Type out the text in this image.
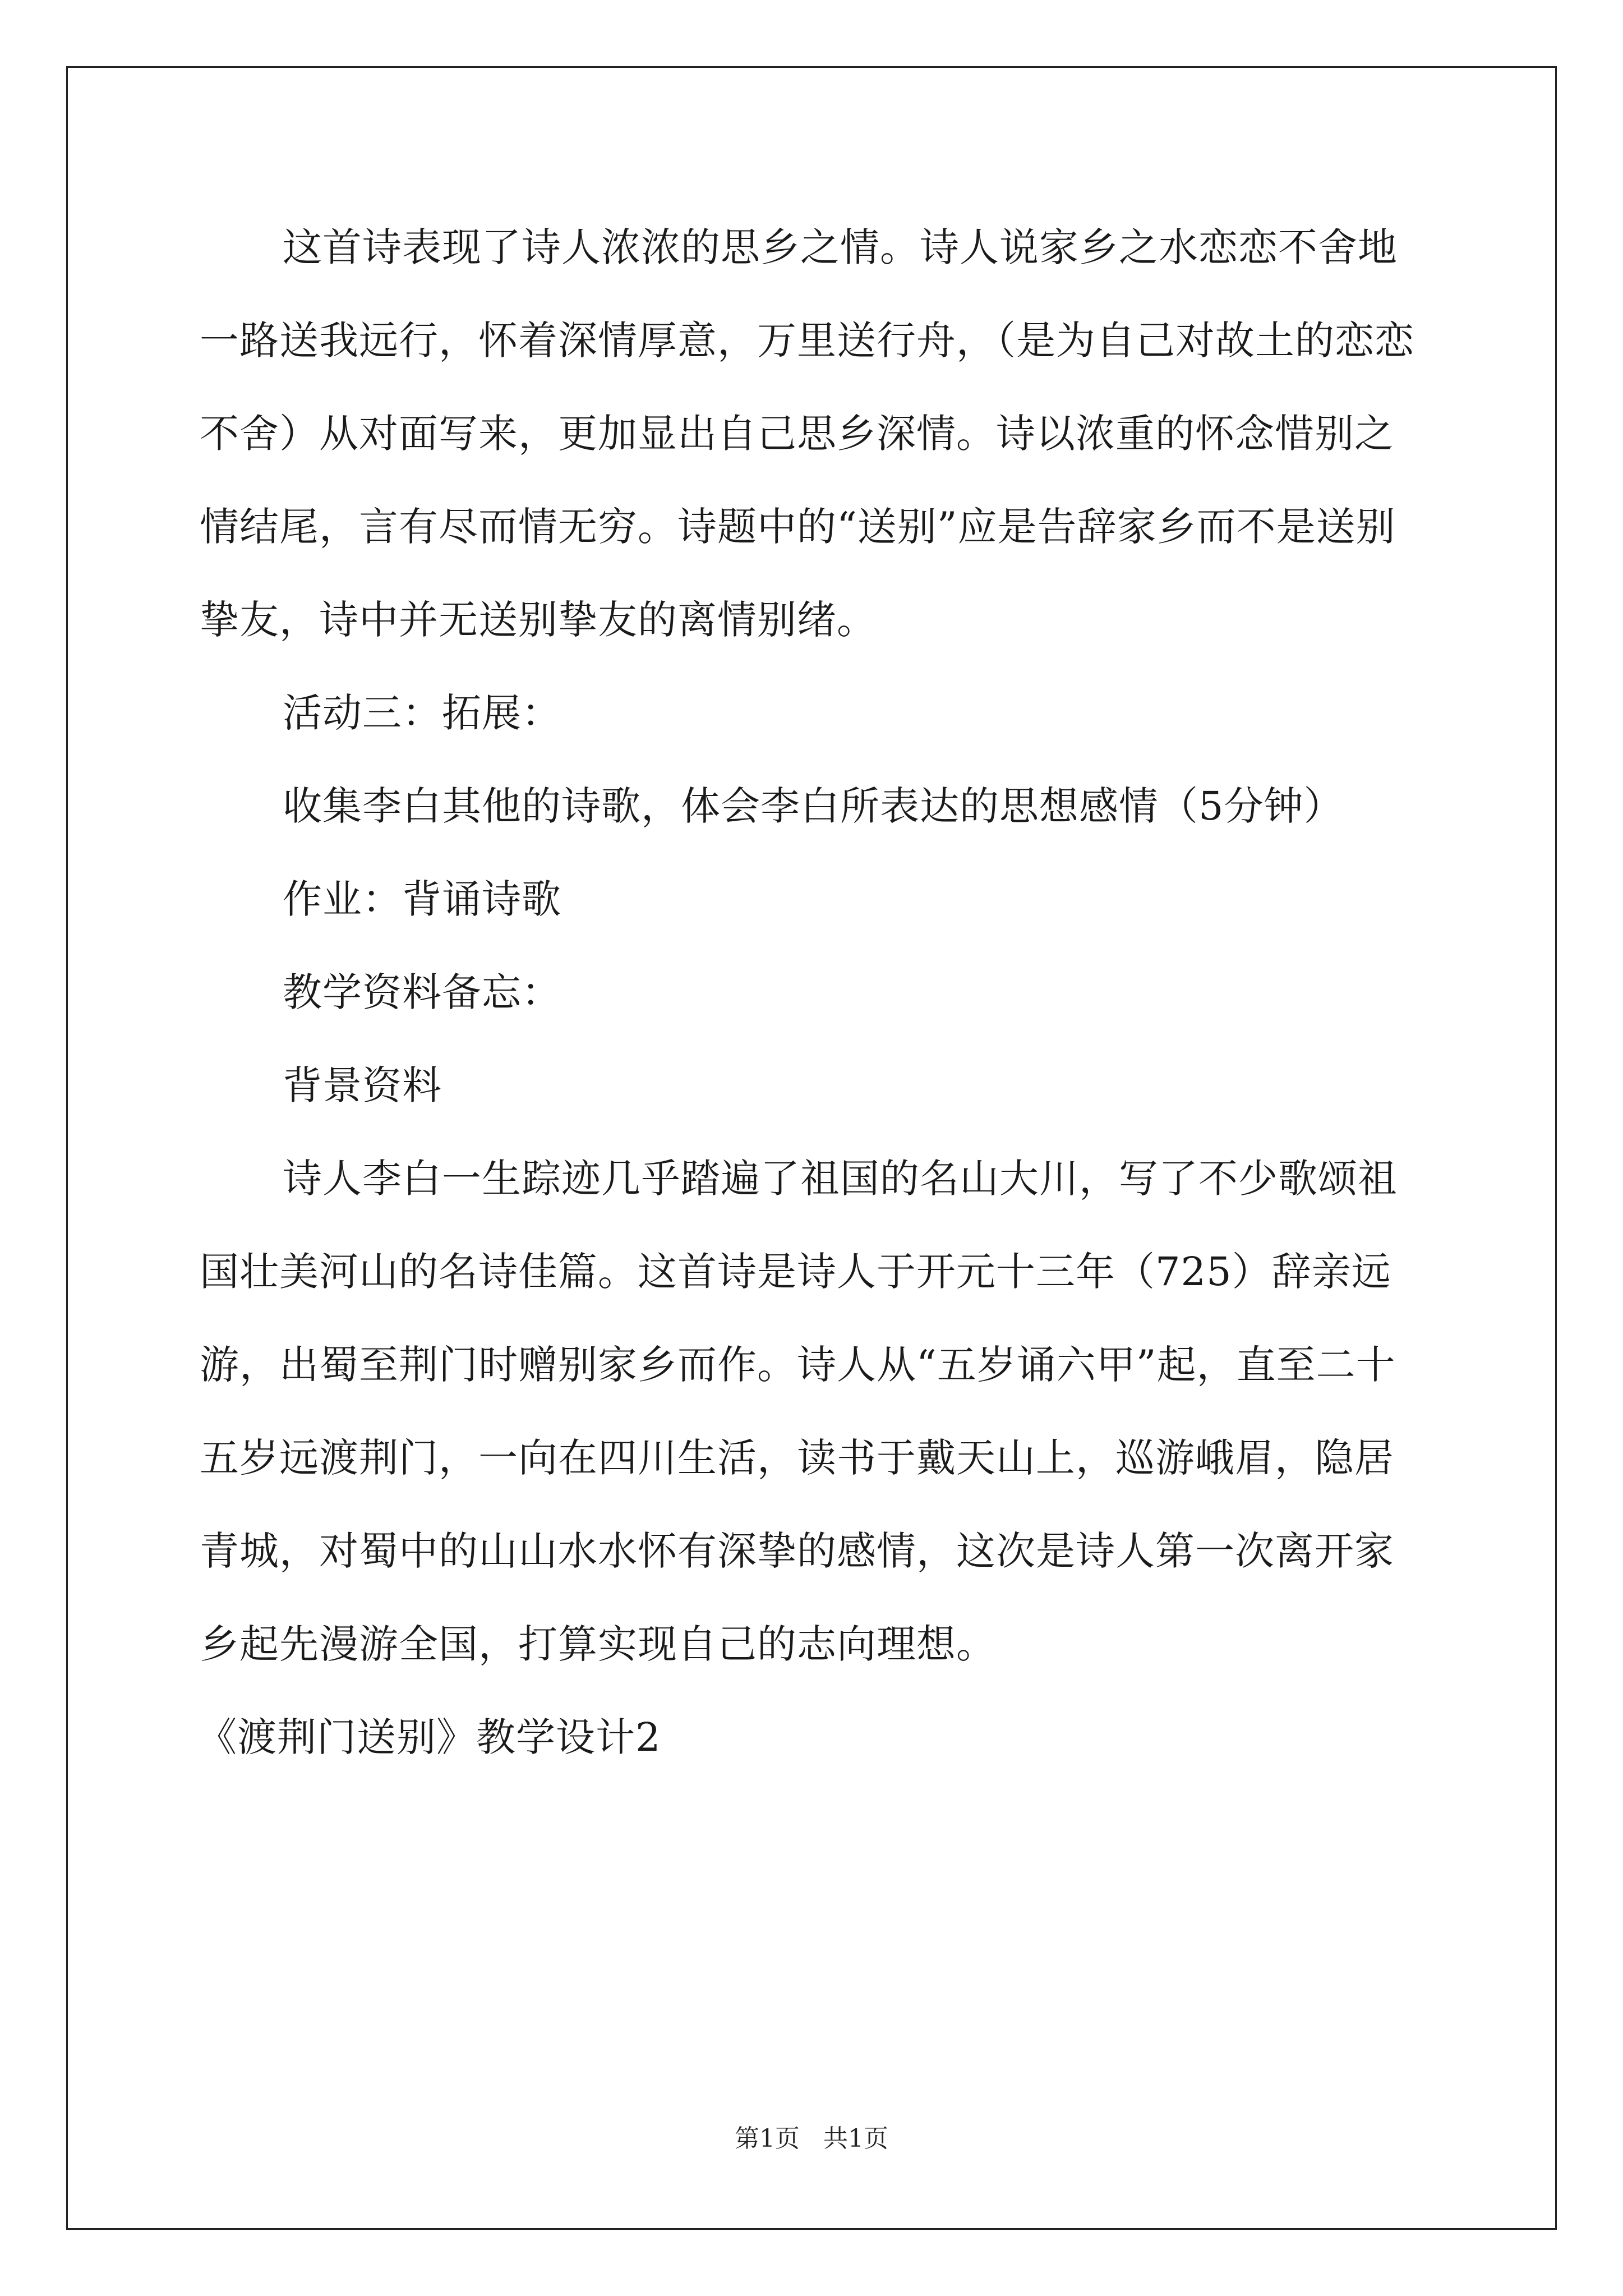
这首诗表现了诗人浓浓的思乡之情。诗人说家乡之水恋恋不舍地一路送我远行，怀着深情厚意，万里送行舟，（是为自己对故土的恋恋不舍）从对面写来，更加显出自己思乡深情。诗以浓重的怀念惜别之情结尾，言有尽而情无穷。诗题中的“送别”应是告辞家乡而不是送别挚友，诗中并无送别挚友的离情别绪。

活动三：拓展：

收集李白其他的诗歌，体会李白所表达的思想感情（5分钟）

作业：背诵诗歌

教学资料备忘：

背景资料

诗人李白一生踪迹几乎踏遍了祖国的名山大川，写了不少歌颂祖国壮美河山的名诗佳篇。这首诗是诗人于开元十三年（725）辞亲远游，出蜀至荆门时赠别家乡而作。诗人从“五岁诵六甲”起，直至二十五岁远渡荆门，一向在四川生活，读书于戴天山上，巡游峨眉，隐居青城，对蜀中的山山水水怀有深挚的感情，这次是诗人第一次离开家乡起先漫游全国，打算实现自己的志向理想。

《渡荆门送别》教学设计2

第1页 共1页
